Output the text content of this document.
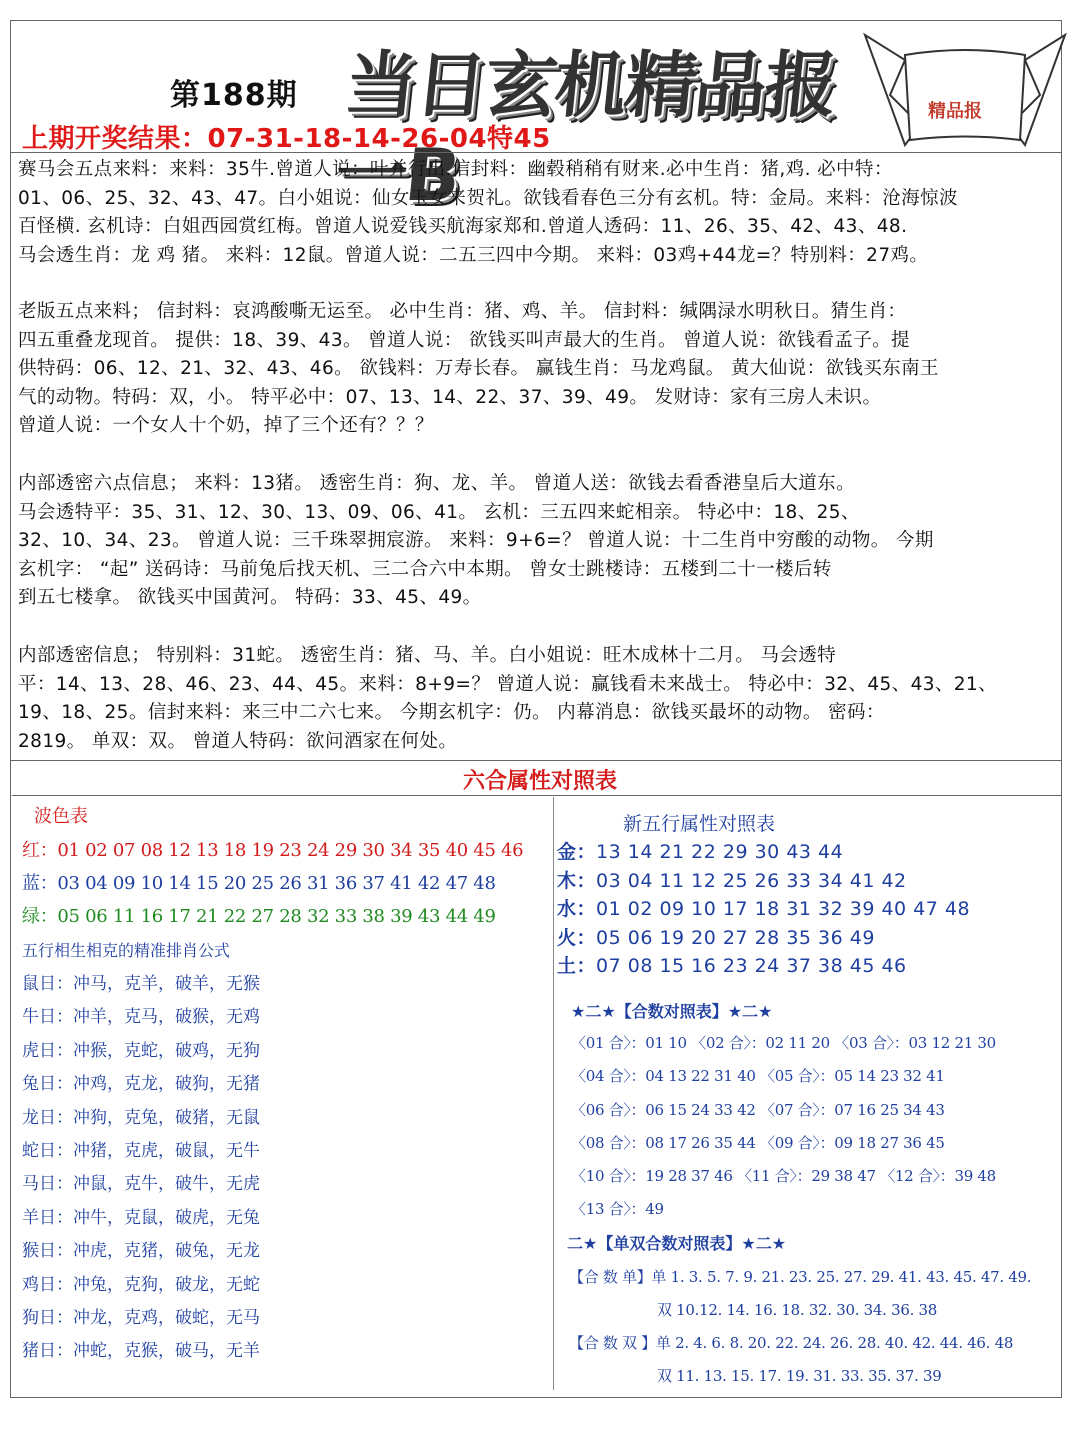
第188期 当日玄机精品报一B
精品报
上期开奖结果：07-31-18-14-26-04特45

赛马会五点来料：来料：35牛.曾道人说：叶并行出.信封料：幽毂稍稍有财来.必中生肖：猪,鸡. 必中特：

01、06、25、32、43、47。白小姐说：仙女玉女来贺礼。欲钱看春色三分有玄机。特：金局。来料：沧海惊波

百怪横. 玄机诗：白姐西园赏红梅。曾道人说爱钱买航海家郑和.曾道人透码：11、26、35、42、43、48.

马会透生肖：龙 鸡 猪。 来料：12鼠。曾道人说：二五三四中今期。 来料：03鸡+44龙=？特别料：27鸡。

老版五点来料； 信封料：哀鸿酸嘶无运至。 必中生肖：猪、鸡、羊。 信封料：缄隅渌水明秋日。猜生肖：

四五重叠龙现首。 提供：18、39、43。 曾道人说： 欲钱买叫声最大的生肖。 曾道人说：欲钱看孟子。提

供特码：06、12、21、32、43、46。 欲钱料：万寿长春。 赢钱生肖：马龙鸡鼠。 黄大仙说：欲钱买东南王

气的动物。特码：双，小。 特平必中：07、13、14、22、37、39、49。 发财诗：家有三房人未识。

曾道人说：一个女人十个奶，掉了三个还有？？？

内部透密六点信息； 来料：13猪。 透密生肖：狗、龙、羊。 曾道人送：欲钱去看香港皇后大道东。

马会透特平：35、31、12、30、13、09、06、41。 玄机：三五四来蛇相亲。 特必中：18、25、

32、10、34、23。 曾道人说：三千珠翠拥宸游。 来料：9+6=？ 曾道人说：十二生肖中穷酸的动物。 今期

玄机字： “起” 送码诗：马前兔后找天机、三二合六中本期。 曾女士跳楼诗：五楼到二十一楼后转

到五七楼拿。 欲钱买中国黄河。 特码：33、45、49。

内部透密信息； 特别料：31蛇。 透密生肖：猪、马、羊。白小姐说：旺木成林十二月。 马会透特

平：14、13、28、46、23、44、45。来料：8+9=？ 曾道人说：赢钱看未来战士。 特必中：32、45、43、21、

19、18、25。信封来料：来三中二六七来。 今期玄机字：仍。 内幕消息：欲钱买最坏的动物。 密码：

2819。 单双：双。 曾道人特码：欲问酒家在何处。

六合属性对照表
波色表
红：01 02 07 08 12 13 18 19 23 24 29 30 34 35 40 45 46
蓝：03 04 09 10 14 15 20 25 26 31 36 37 41 42 47 48
绿：05 06 11 16 17 21 22 27 28 32 33 38 39 43 44 49
五行相生相克的精准排肖公式
鼠日：冲马，克羊，破羊，无猴
牛日：冲羊，克马，破猴，无鸡
虎日：冲猴，克蛇，破鸡，无狗
兔日：冲鸡，克龙，破狗，无猪
龙日：冲狗，克兔，破猪，无鼠
蛇日：冲猪，克虎，破鼠，无牛
马日：冲鼠，克牛，破牛，无虎
羊日：冲牛，克鼠，破虎，无兔
猴日：冲虎，克猪，破兔，无龙
鸡日：冲兔，克狗，破龙，无蛇
狗日：冲龙，克鸡，破蛇，无马
猪日：冲蛇，克猴，破马，无羊
新五行属性对照表
金：13 14 21 22 29 30 43 44
木：03 04 11 12 25 26 33 34 41 42
水：01 02 09 10 17 18 31 32 39 40 47 48
火：05 06 19 20 27 28 35 36 49
土：07 08 15 16 23 24 37 38 45 46
★二★【合数对照表】★二★
〈01 合〉：01 10 〈02 合〉：02 11 20 〈03 合〉：03 12 21 30
〈04 合〉：04 13 22 31 40 〈05 合〉：05 14 23 32 41
〈06 合〉：06 15 24 33 42 〈07 合〉：07 16 25 34 43
〈08 合〉：08 17 26 35 44 〈09 合〉：09 18 27 36 45
〈10 合〉：19 28 37 46 〈11 合〉：29 38 47 〈12 合〉：39 48
〈13 合〉：49
二★【单双合数对照表】★二★
【合 数 单】单 1. 3. 5. 7. 9. 21. 23. 25. 27. 29. 41. 43. 45. 47. 49.
双 10.12. 14. 16. 18. 32. 30. 34. 36. 38
【合 数 双 】单 2. 4. 6. 8. 20. 22. 24. 26. 28. 40. 42. 44. 46. 48
双 11. 13. 15. 17. 19. 31. 33. 35. 37. 39
